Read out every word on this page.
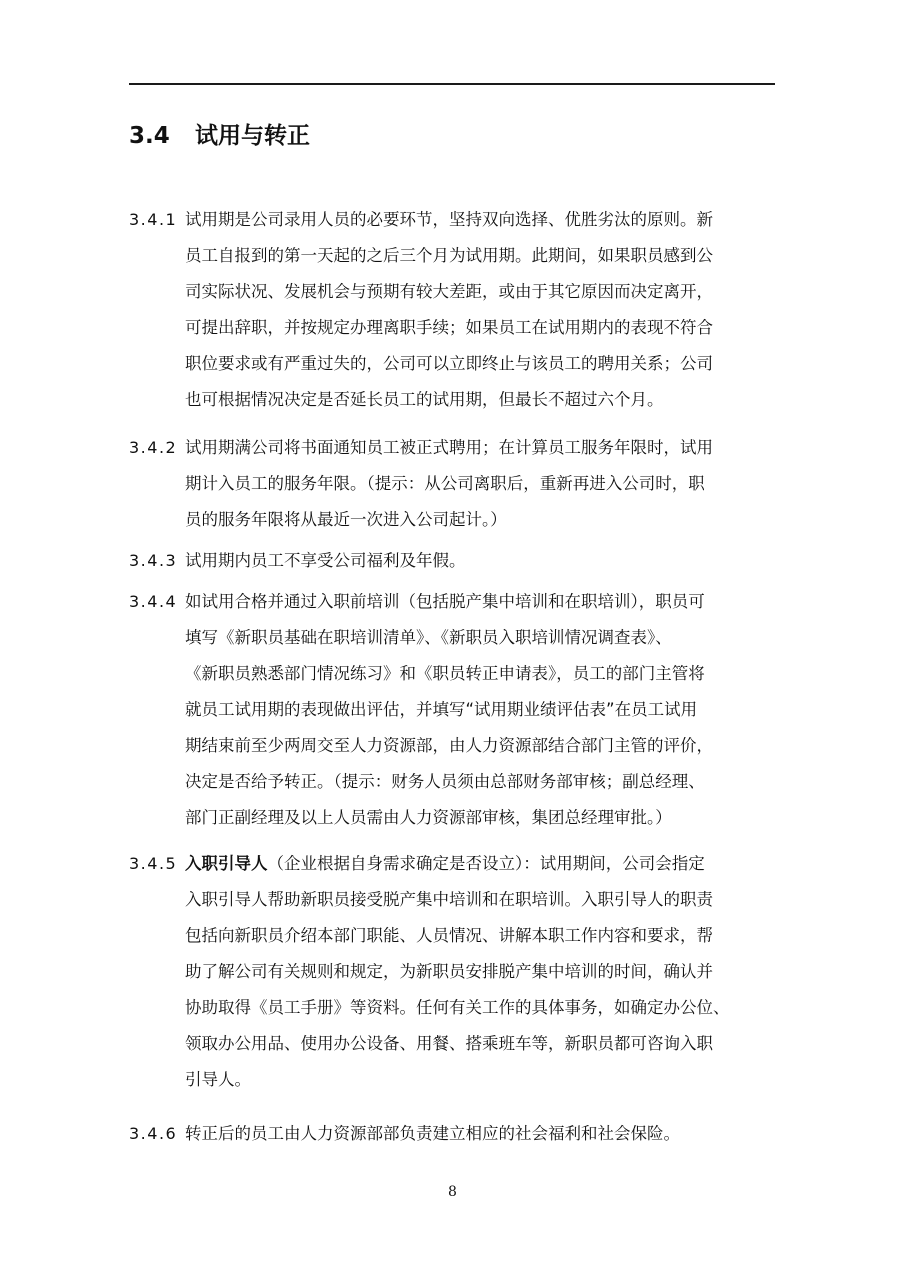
3.4 试用与转正
3.4.1 试用期是公司录用人员的必要环节，坚持双向选择、优胜劣汰的原则。新
员工自报到的第一天起的之后三个月为试用期。此期间，如果职员感到公
司实际状况、发展机会与预期有较大差距，或由于其它原因而决定离开，
可提出辞职，并按规定办理离职手续；如果员工在试用期内的表现不符合
职位要求或有严重过失的，公司可以立即终止与该员工的聘用关系；公司
也可根据情况决定是否延长员工的试用期，但最长不超过六个月。
3.4.2 试用期满公司将书面通知员工被正式聘用；在计算员工服务年限时，试用
期计入员工的服务年限。（提示：从公司离职后，重新再进入公司时，职
员的服务年限将从最近一次进入公司起计。）
3.4.3 试用期内员工不享受公司福利及年假。
3.4.4 如试用合格并通过入职前培训（包括脱产集中培训和在职培训），职员可
填写《新职员基础在职培训清单》、《新职员入职培训情况调查表》、
《新职员熟悉部门情况练习》和《职员转正申请表》，员工的部门主管将
就员工试用期的表现做出评估，并填写“试用期业绩评估表”在员工试用
期结束前至少两周交至人力资源部，由人力资源部结合部门主管的评价，
决定是否给予转正。（提示：财务人员须由总部财务部审核；副总经理、
部门正副经理及以上人员需由人力资源部审核，集团总经理审批。）
3.4.5 入职引导人（企业根据自身需求确定是否设立）：试用期间，公司会指定
入职引导人帮助新职员接受脱产集中培训和在职培训。入职引导人的职责
包括向新职员介绍本部门职能、人员情况、讲解本职工作内容和要求，帮
助了解公司有关规则和规定，为新职员安排脱产集中培训的时间，确认并
协助取得《员工手册》等资料。任何有关工作的具体事务，如确定办公位、
领取办公用品、使用办公设备、用餐、搭乘班车等，新职员都可咨询入职
引导人。
3.4.6 转正后的员工由人力资源部部负责建立相应的社会福利和社会保险。
8
